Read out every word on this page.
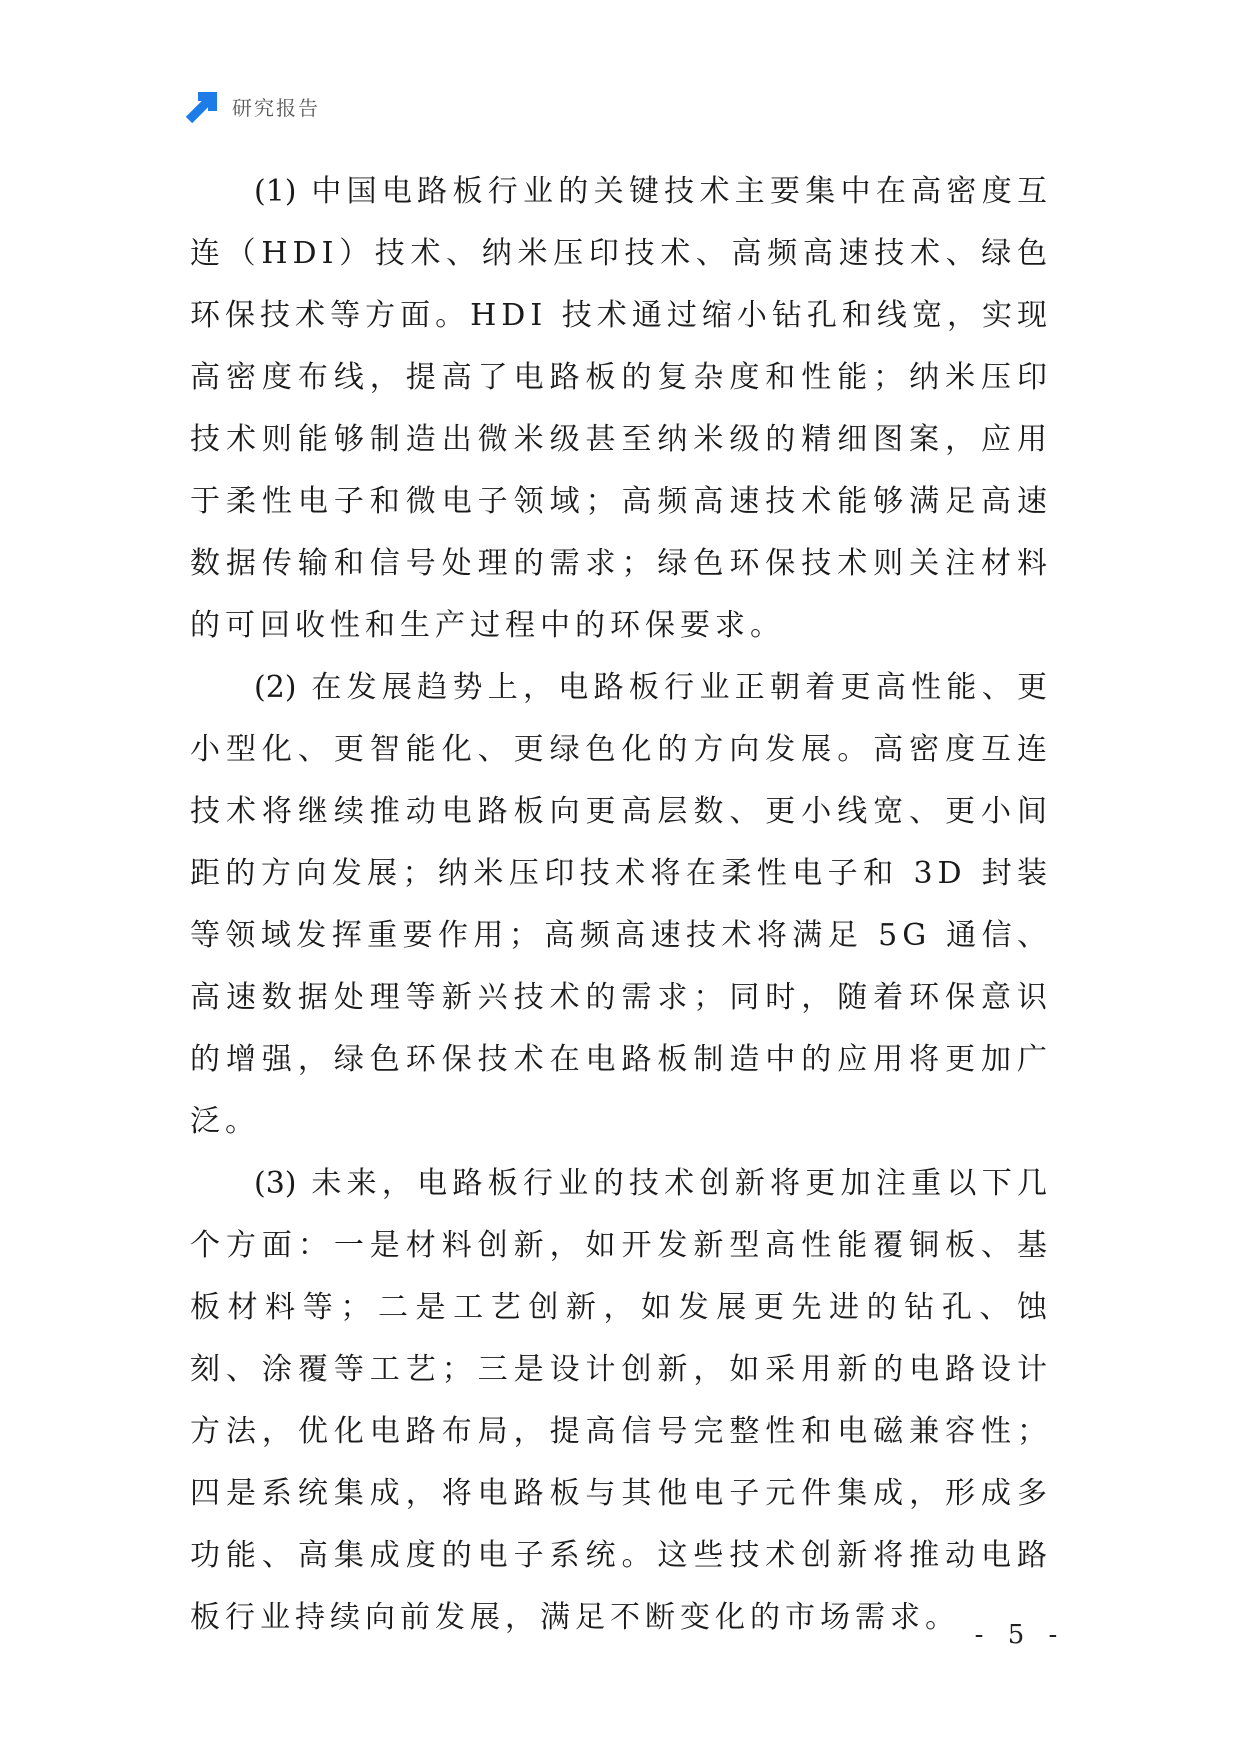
研究报告

(1) 中国电路板行业的关键技术主要集中在高密度互连（HDI）技术、纳米压印技术、高频高速技术、绿色环保技术等方面。HDI 技术通过缩小钻孔和线宽，实现高密度布线，提高了电路板的复杂度和性能；纳米压印技术则能够制造出微米级甚至纳米级的精细图案，应用于柔性电子和微电子领域；高频高速技术能够满足高速数据传输和信号处理的需求；绿色环保技术则关注材料的可回收性和生产过程中的环保要求。

(2) 在发展趋势上，电路板行业正朝着更高性能、更小型化、更智能化、更绿色化的方向发展。高密度互连技术将继续推动电路板向更高层数、更小线宽、更小间距的方向发展；纳米压印技术将在柔性电子和 3D 封装等领域发挥重要作用；高频高速技术将满足 5G 通信、高速数据处理等新兴技术的需求；同时，随着环保意识的增强，绿色环保技术在电路板制造中的应用将更加广泛。

(3) 未来，电路板行业的技术创新将更加注重以下几个方面：一是材料创新，如开发新型高性能覆铜板、基板材料等；二是工艺创新，如发展更先进的钻孔、蚀刻、涂覆等工艺；三是设计创新，如采用新的电路设计方法，优化电路布局，提高信号完整性和电磁兼容性；四是系统集成，将电路板与其他电子元件集成，形成多功能、高集成度的电子系统。这些技术创新将推动电路板行业持续向前发展，满足不断变化的市场需求。 - 5 -
